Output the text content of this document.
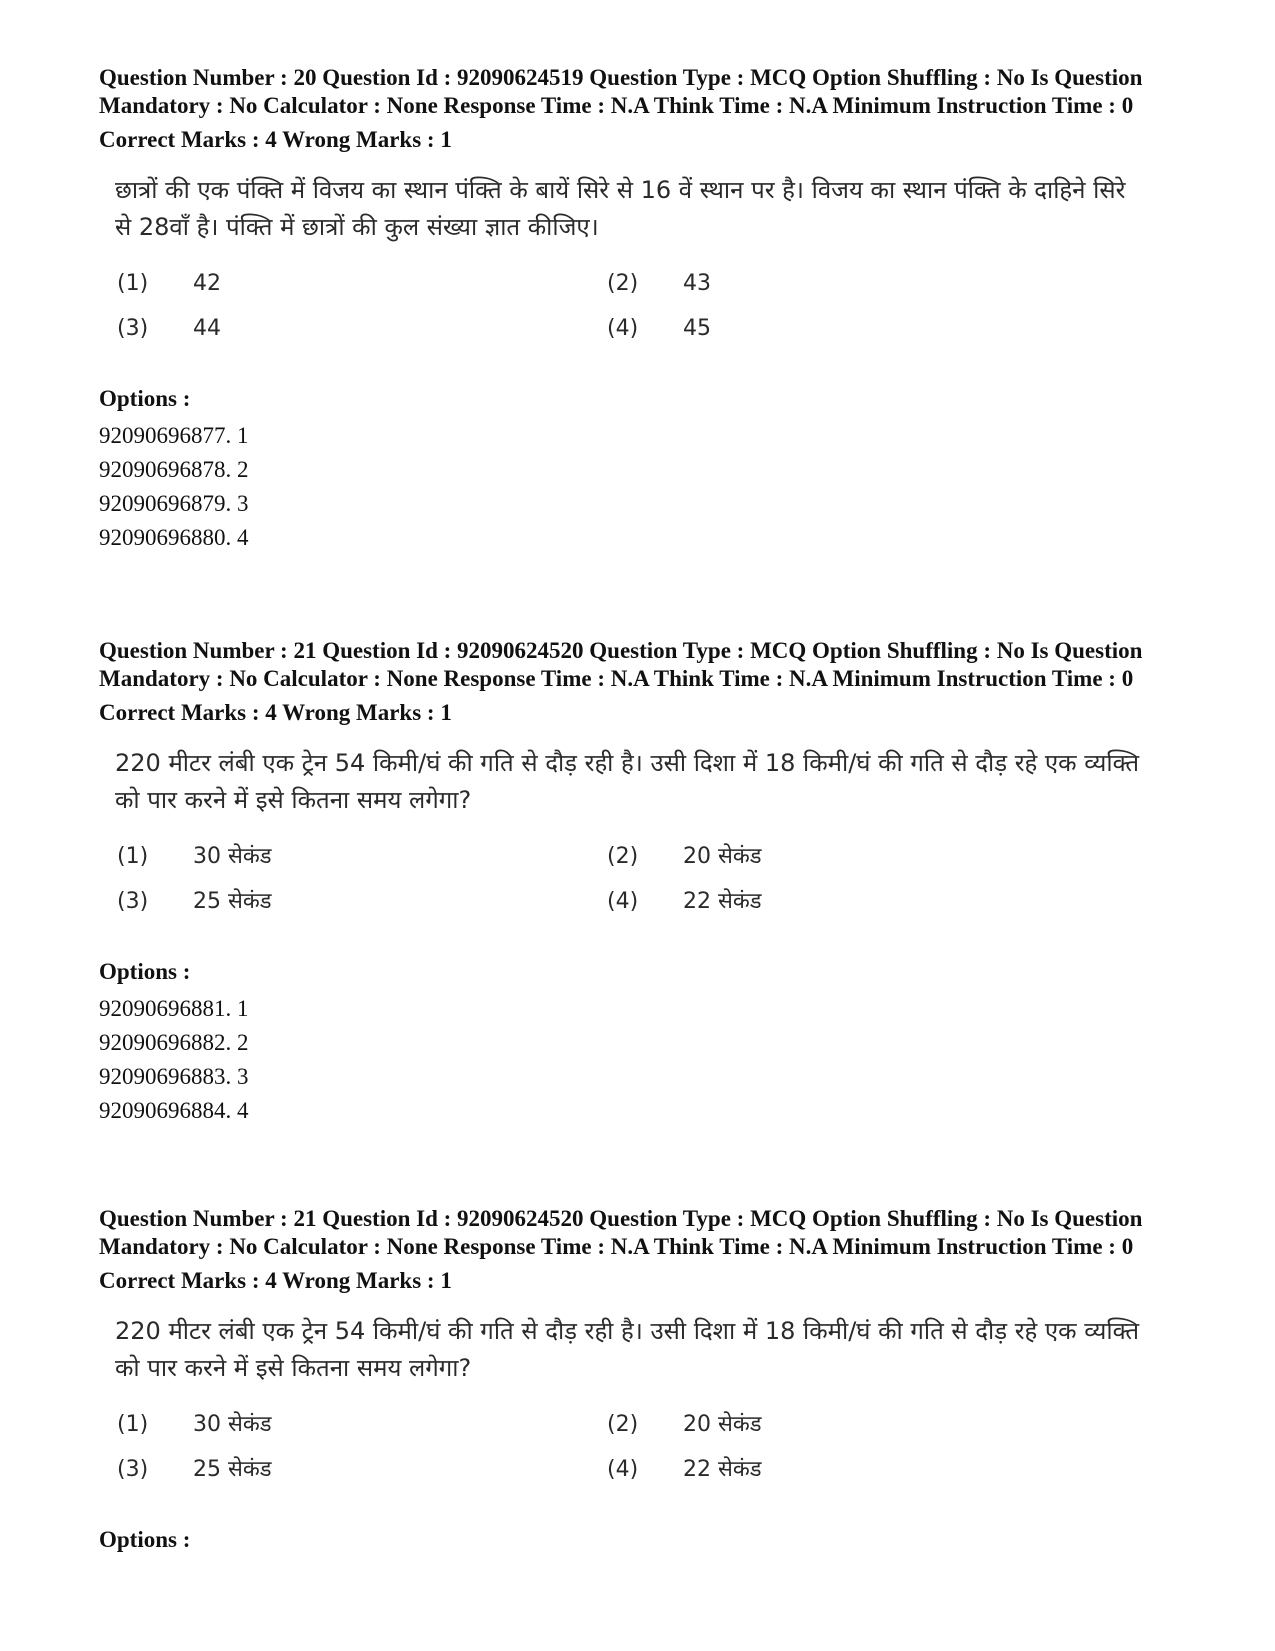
Question Number : 20 Question Id : 92090624519 Question Type : MCQ Option Shuffling : No Is Question Mandatory : No Calculator : None Response Time : N.A Think Time : N.A Minimum Instruction Time : 0

Correct Marks : 4 Wrong Marks : 1

छात्रों की एक पंक्ति में विजय का स्थान पंक्ति के बायें सिरे से 16 वें स्थान पर है। विजय का स्थान पंक्ति के दाहिने सिरे से 28वाँ है। पंक्ति में छात्रों की कुल संख्या ज्ञात कीजिए।
(1)	42	(2)	43
(3)	44	(4)	45

Options :

92090696877. 1

92090696878. 2

92090696879. 3

92090696880. 4

Question Number : 21 Question Id : 92090624520 Question Type : MCQ Option Shuffling : No Is Question Mandatory : No Calculator : None Response Time : N.A Think Time : N.A Minimum Instruction Time : 0

Correct Marks : 4 Wrong Marks : 1

220 मीटर लंबी एक ट्रेन 54 किमी/घं की गति से दौड़ रही है। उसी दिशा में 18 किमी/घं की गति से दौड़ रहे एक व्यक्ति को पार करने में इसे कितना समय लगेगा?
(1)	30 सेकंड	(2)	20 सेकंड
(3)	25 सेकंड	(4)	22 सेकंड

Options :

92090696881. 1

92090696882. 2

92090696883. 3

92090696884. 4

Question Number : 21 Question Id : 92090624520 Question Type : MCQ Option Shuffling : No Is Question Mandatory : No Calculator : None Response Time : N.A Think Time : N.A Minimum Instruction Time : 0

Correct Marks : 4 Wrong Marks : 1

220 मीटर लंबी एक ट्रेन 54 किमी/घं की गति से दौड़ रही है। उसी दिशा में 18 किमी/घं की गति से दौड़ रहे एक व्यक्ति को पार करने में इसे कितना समय लगेगा?
(1)	30 सेकंड	(2)	20 सेकंड
(3)	25 सेकंड	(4)	22 सेकंड

Options :
